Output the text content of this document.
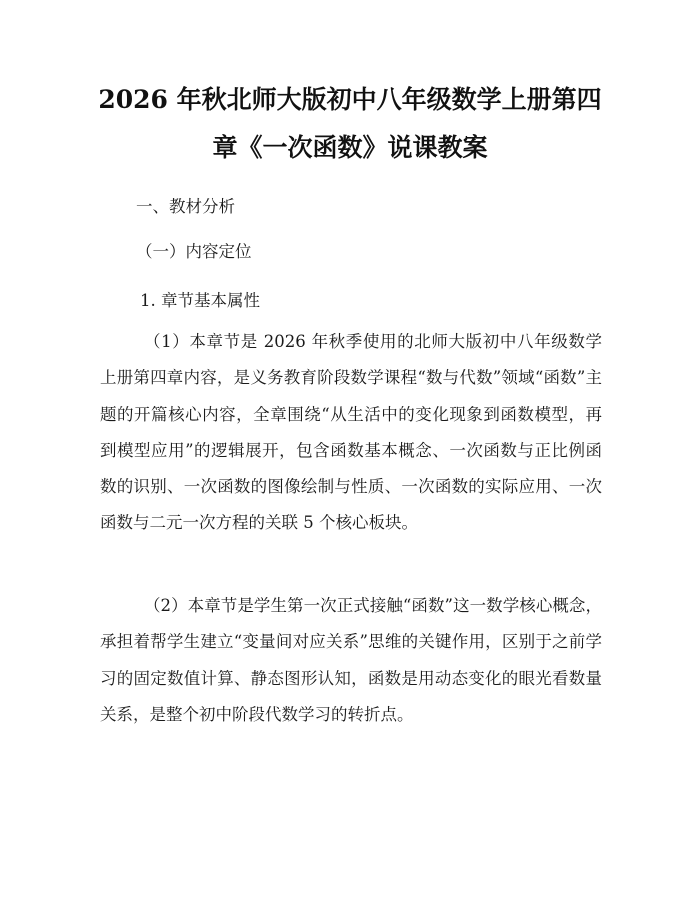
2026 年秋北师大版初中八年级数学上册第四
章《一次函数》说课教案
一、教材分析
（一）内容定位
1. 章节基本属性

（1）本章节是 2026 年秋季使用的北师大版初中八年级数学上册第四章内容，是义务教育阶段数学课程“数与代数”领域“函数”主题的开篇核心内容，全章围绕“从生活中的变化现象到函数模型，再到模型应用”的逻辑展开，包含函数基本概念、一次函数与正比例函数的识别、一次函数的图像绘制与性质、一次函数的实际应用、一次函数与二元一次方程的关联 5 个核心板块。

（2）本章节是学生第一次正式接触“函数”这一数学核心概念，承担着帮学生建立“变量间对应关系”思维的关键作用，区别于之前学习的固定数值计算、静态图形认知，函数是用动态变化的眼光看数量关系，是整个初中阶段代数学习的转折点。
